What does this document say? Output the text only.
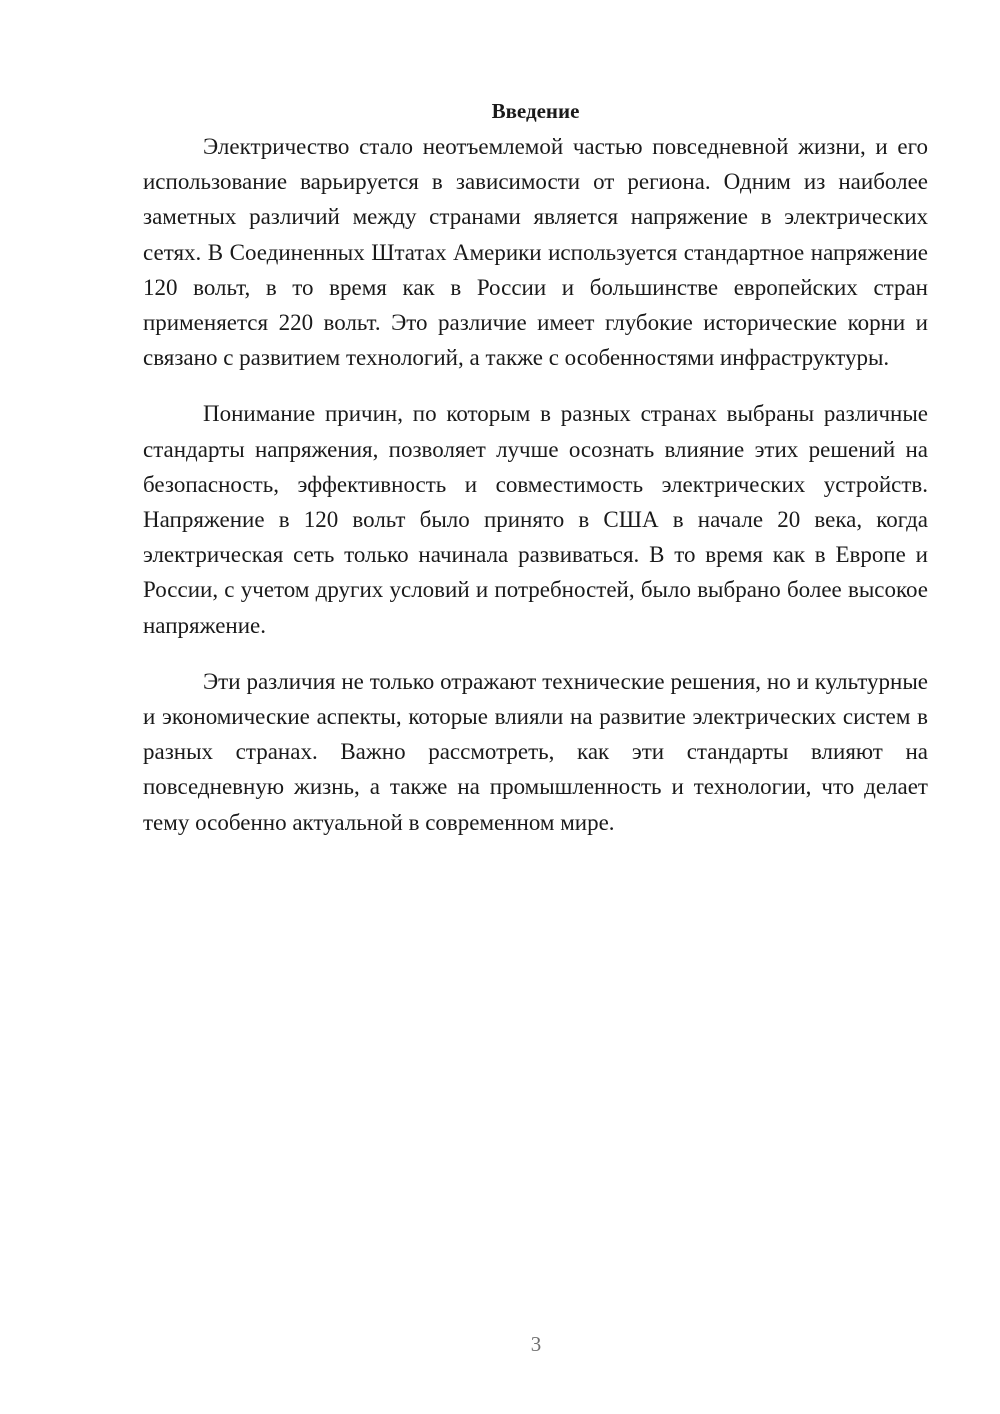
Введение

Электричество стало неотъемлемой частью повседневной жизни, и его использование варьируется в зависимости от региона. Одним из наиболее заметных различий между странами является напряжение в электрических сетях. В Соединенных Штатах Америки используется стандартное напряжение 120 вольт, в то время как в России и большинстве европейских стран применяется 220 вольт. Это различие имеет глубокие исторические корни и связано с развитием технологий, а также с особенностями инфраструктуры.

Понимание причин, по которым в разных странах выбраны различные стандарты напряжения, позволяет лучше осознать влияние этих решений на безопасность, эффективность и совместимость электрических устройств. Напряжение в 120 вольт было принято в США в начале 20 века, когда электрическая сеть только начинала развиваться. В то время как в Европе и России, с учетом других условий и потребностей, было выбрано более высокое напряжение.

Эти различия не только отражают технические решения, но и культурные и экономические аспекты, которые влияли на развитие электрических систем в разных странах. Важно рассмотреть, как эти стандарты влияют на повседневную жизнь, а также на промышленность и технологии, что делает тему особенно актуальной в современном мире.

3
